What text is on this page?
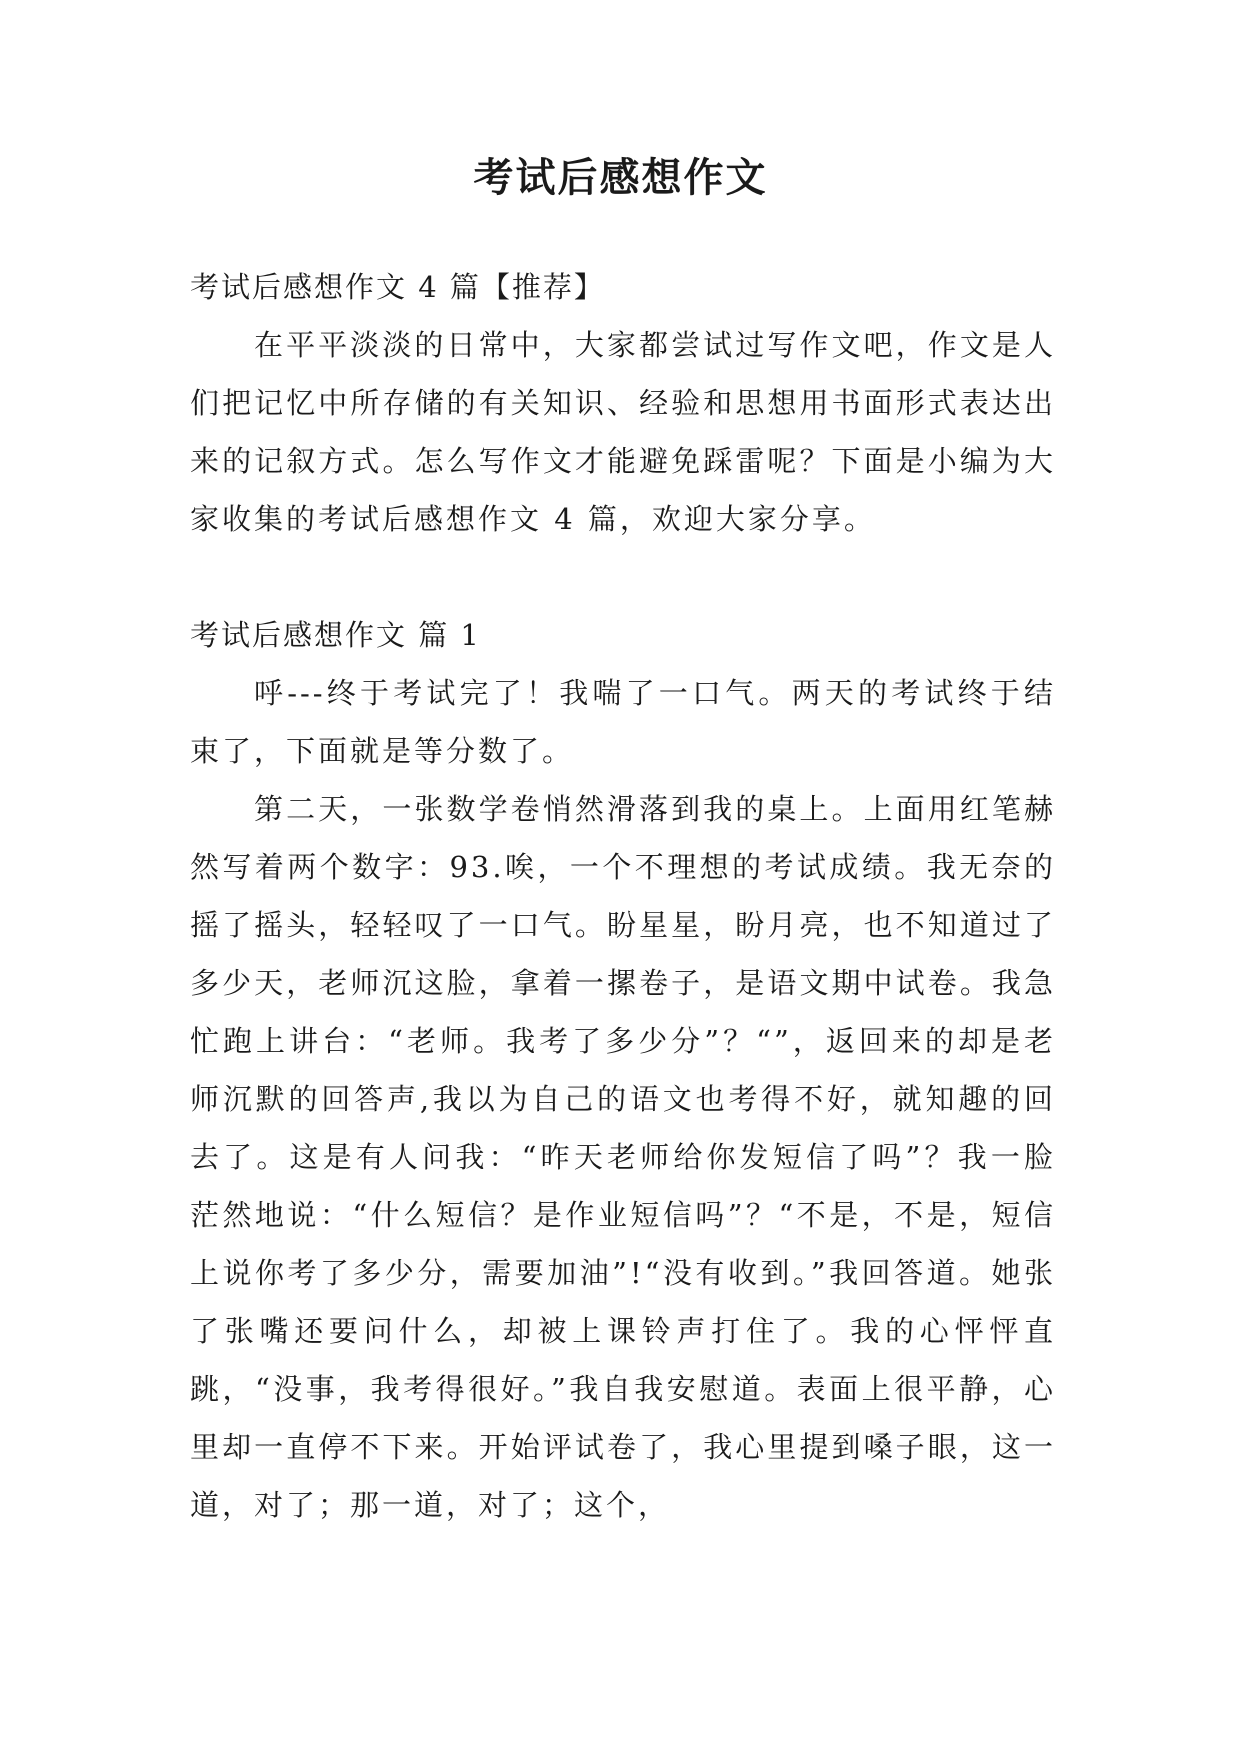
考试后感想作文

考试后感想作文 4 篇【推荐】

在平平淡淡的日常中，大家都尝试过写作文吧，作文是人们把记忆中所存储的有关知识、经验和思想用书面形式表达出来的记叙方式。怎么写作文才能避免踩雷呢？下面是小编为大家收集的考试后感想作文 4 篇，欢迎大家分享。

考试后感想作文 篇 1

呼---终于考试完了！我喘了一口气。两天的考试终于结束了，下面就是等分数了。

第二天，一张数学卷悄然滑落到我的桌上。上面用红笔赫然写着两个数字：93.唉，一个不理想的考试成绩。我无奈的摇了摇头，轻轻叹了一口气。盼星星，盼月亮，也不知道过了多少天，老师沉这脸，拿着一摞卷子，是语文期中试卷。我急忙跑上讲台：“老师。我考了多少分”？“”，返回来的却是老师沉默的回答声,我以为自己的语文也考得不好，就知趣的回去了。这是有人问我：“昨天老师给你发短信了吗”？我一脸茫然地说：“什么短信？是作业短信吗”？“不是，不是，短信上说你考了多少分，需要加油”!“没有收到。”我回答道。她张了张嘴还要问什么，却被上课铃声打住了。我的心怦怦直跳，“没事，我考得很好。”我自我安慰道。表面上很平静，心里却一直停不下来。开始评试卷了，我心里提到嗓子眼，这一道，对了；那一道，对了；这个，
